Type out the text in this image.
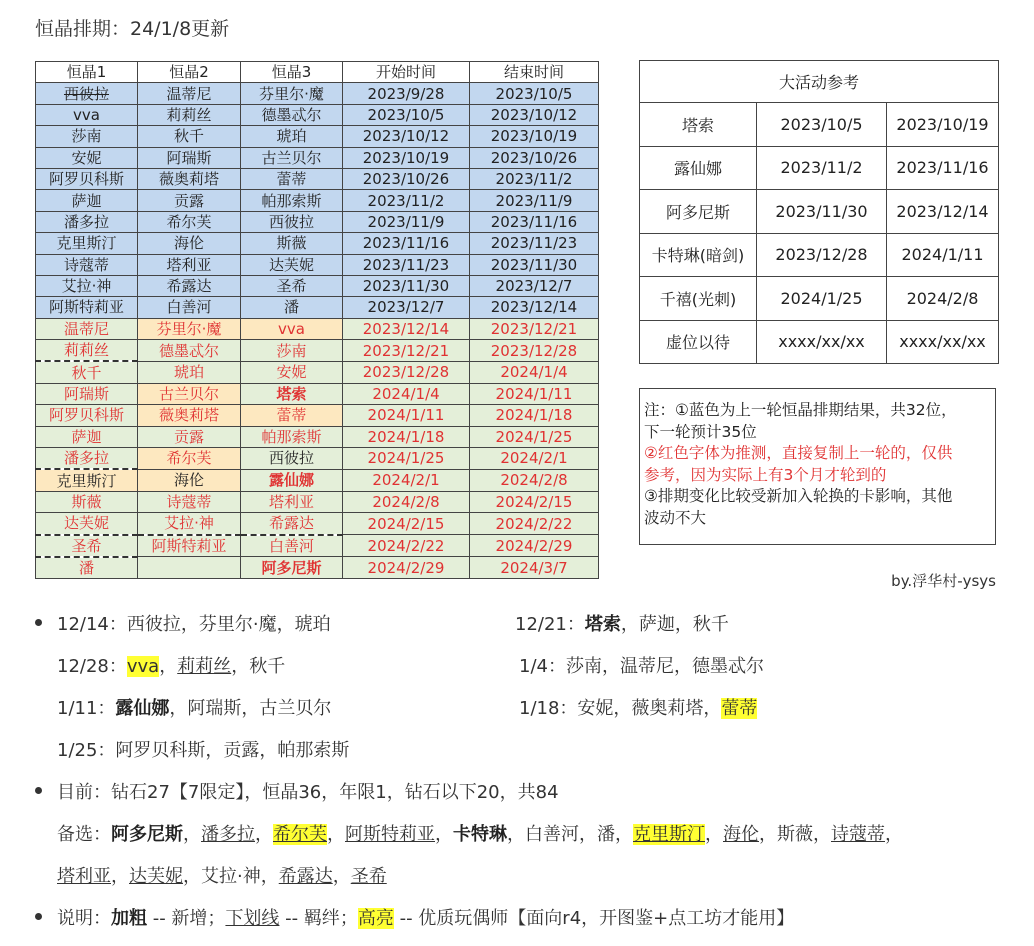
恒晶排期：24/1/8更新
恒晶1	恒晶2	恒晶3	开始时间	结束时间
西彼拉	温蒂尼	芬里尔·魔	2023/9/28	2023/10/5
vva	莉莉丝	德墨忒尔	2023/10/5	2023/10/12
莎南	秋千	琥珀	2023/10/12	2023/10/19
安妮	阿瑞斯	古兰贝尔	2023/10/19	2023/10/26
阿罗贝科斯	薇奥莉塔	蕾蒂	2023/10/26	2023/11/2
萨迦	贡露	帕那索斯	2023/11/2	2023/11/9
潘多拉	希尔芙	西彼拉	2023/11/9	2023/11/16
克里斯汀	海伦	斯薇	2023/11/16	2023/11/23
诗蔻蒂	塔利亚	达芙妮	2023/11/23	2023/11/30
艾拉·神	希露达	圣希	2023/11/30	2023/12/7
阿斯特莉亚	白善河	潘	2023/12/7	2023/12/14
温蒂尼	芬里尔·魔	vva	2023/12/14	2023/12/21
莉莉丝	德墨忒尔	莎南	2023/12/21	2023/12/28
秋千	琥珀	安妮	2023/12/28	2024/1/4
阿瑞斯	古兰贝尔	塔索	2024/1/4	2024/1/11
阿罗贝科斯	薇奥莉塔	蕾蒂	2024/1/11	2024/1/18
萨迦	贡露	帕那索斯	2024/1/18	2024/1/25
潘多拉	希尔芙	西彼拉	2024/1/25	2024/2/1
克里斯汀	海伦	露仙娜	2024/2/1	2024/2/8
斯薇	诗蔻蒂	塔利亚	2024/2/8	2024/2/15
达芙妮	艾拉·神	希露达	2024/2/15	2024/2/22
圣希	阿斯特莉亚	白善河	2024/2/22	2024/2/29
潘		阿多尼斯	2024/2/29	2024/3/7
大活动参考		
塔索	2023/10/5	2023/10/19
露仙娜	2023/11/2	2023/11/16
阿多尼斯	2023/11/30	2023/12/14
卡特琳(暗剑)	2023/12/28	2024/1/11
千禧(光刺)	2024/1/25	2024/2/8
虚位以待	xxxx/xx/xx	xxxx/xx/xx
注：①蓝色为上一轮恒晶排期结果，共32位，
下一轮预计35位
②红色字体为推测，直接复制上一轮的，仅供
参考，因为实际上有3个月才轮到的
③排期变化比较受新加入轮换的卡影响，其他
波动不大
by.浮华村-ysys
12/14：西彼拉，芬里尔·魔，琥珀	12/21：塔索，萨迦，秋千
12/28：vva，莉莉丝，秋千	1/4：莎南，温蒂尼，德墨忒尔
1/11：露仙娜，阿瑞斯，古兰贝尔	1/18：安妮，薇奥莉塔，蕾蒂
1/25：阿罗贝科斯，贡露，帕那索斯
目前：钻石27【7限定】，恒晶36，年限1，钻石以下20，共84
备选：阿多尼斯，潘多拉，希尔芙，阿斯特莉亚，卡特琳，白善河，潘，克里斯汀，海伦，斯薇，诗蔻蒂，
塔利亚，达芙妮，艾拉·神，希露达，圣希
说明：加粗 -- 新增；下划线 -- 羁绊；高亮 -- 优质玩偶师【面向r4，开图鉴+点工坊才能用】
